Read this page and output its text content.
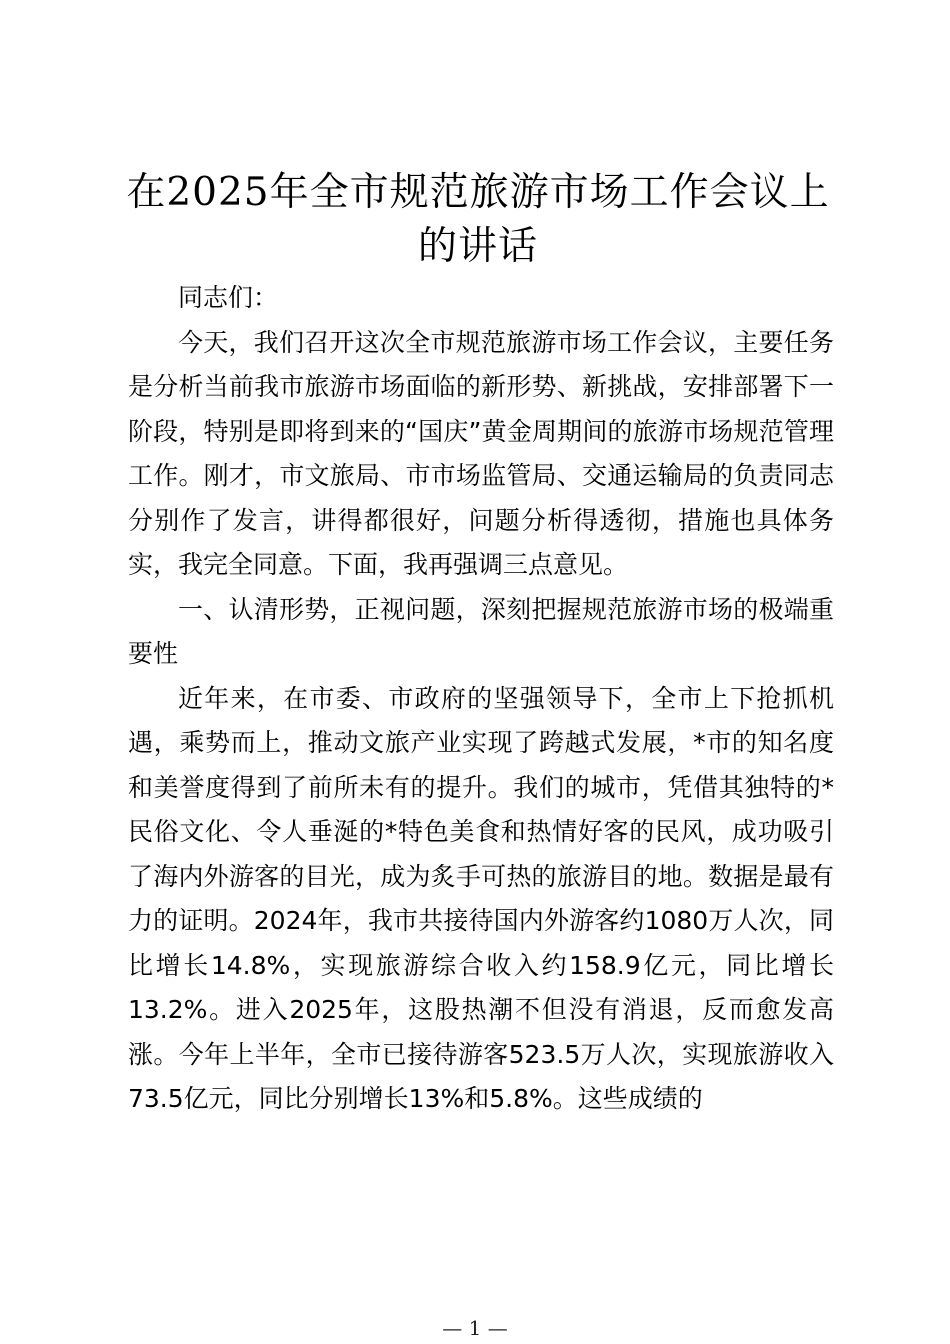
在2025年全市规范旅游市场工作会议上的讲话

同志们：

今天，我们召开这次全市规范旅游市场工作会议，主要任务是分析当前我市旅游市场面临的新形势、新挑战，安排部署下一阶段，特别是即将到来的“国庆”黄金周期间的旅游市场规范管理工作。刚才，市文旅局、市市场监管局、交通运输局的负责同志分别作了发言，讲得都很好，问题分析得透彻，措施也具体务实，我完全同意。下面，我再强调三点意见。

一、认清形势，正视问题，深刻把握规范旅游市场的极端重要性

近年来，在市委、市政府的坚强领导下，全市上下抢抓机遇，乘势而上，推动文旅产业实现了跨越式发展，*市的知名度和美誉度得到了前所未有的提升。我们的城市，凭借其独特的*民俗文化、令人垂涎的*特色美食和热情好客的民风，成功吸引了海内外游客的目光，成为炙手可热的旅游目的地。数据是最有力的证明。2024年，我市共接待国内外游客约1080万人次，同比增长14.8%，实现旅游综合收入约158.9亿元，同比增长13.2%。进入2025年，这股热潮不但没有消退，反而愈发高涨。今年上半年，全市已接待游客523.5万人次，实现旅游收入73.5亿元，同比分别增长13%和5.8%。这些成绩的

— 1 —
